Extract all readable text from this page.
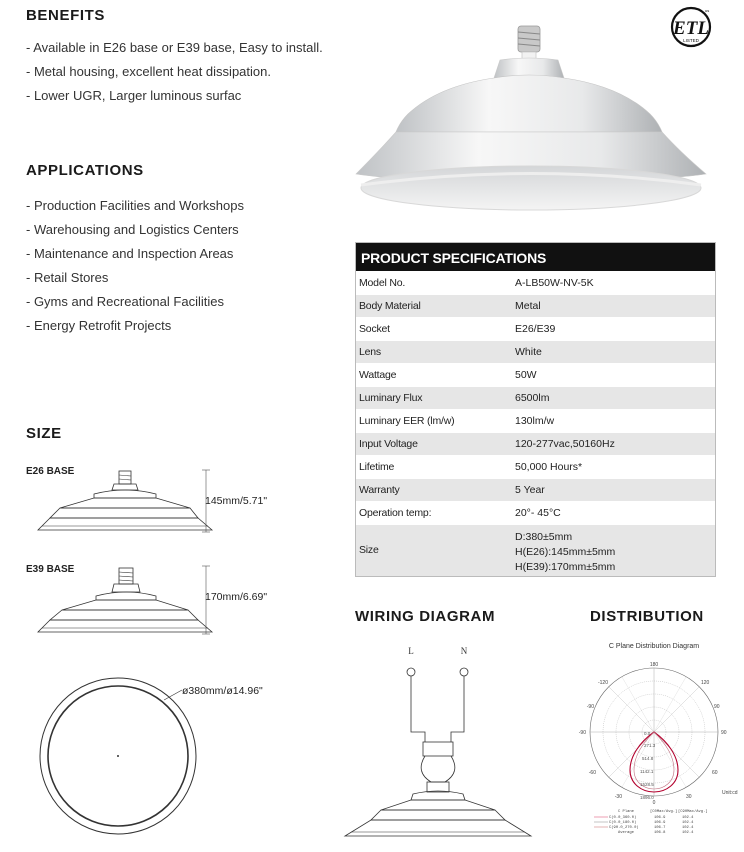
BENEFITS
- Available in E26 base or E39 base, Easy to install.
- Metal housing, excellent heat dissipation.
- Lower UGR, Larger luminous surfac
APPLICATIONS
- Production Facilities and Workshops
- Warehousing and Logistics Centers
- Maintenance and Inspection Areas
- Retail Stores
- Gyms and Recreational Facilities
- Energy Retrofit Projects
ETL
LISTED
c us
SIZE
E26 BASE
145mm/5.71"
E39 BASE
170mm/6.69"
ø380mm/ø14.96"
PRODUCT SPECIFICATIONS
Model No.	A-LB50W-NV-5K
Body Material	Metal
Socket	E26/E39
Lens	White
Wattage	50W
Luminary Flux	6500lm
Luminary EER (lm/w)	130lm/w
Input Voltage	120-277vac,50160Hz
Lifetime	50,000 Hours*
Warranty	5 Year
Operation temp:	20°- 45°C
Size
D:380±5mm
H(E26):145mm±5mm
H(E39):170mm±5mm
WIRING DIAGRAM
L	N
DISTRIBUTION
C Plane Distribution Diagram
180
-120	120
-90	90
-90	90
-60	60
-30	30
0
Unit:cd
0.0
271.3
514.8
1142.1
1528.5
1896.0
C Plane	[C0Max/Avg.] [C90Max/Avg.]
C(0.0_360.0)	106.9	102.4
C(0.0_180.0)	106.9	102.4
C(90.0_270.0)	106.7	102.4
Average	106.8	102.4
